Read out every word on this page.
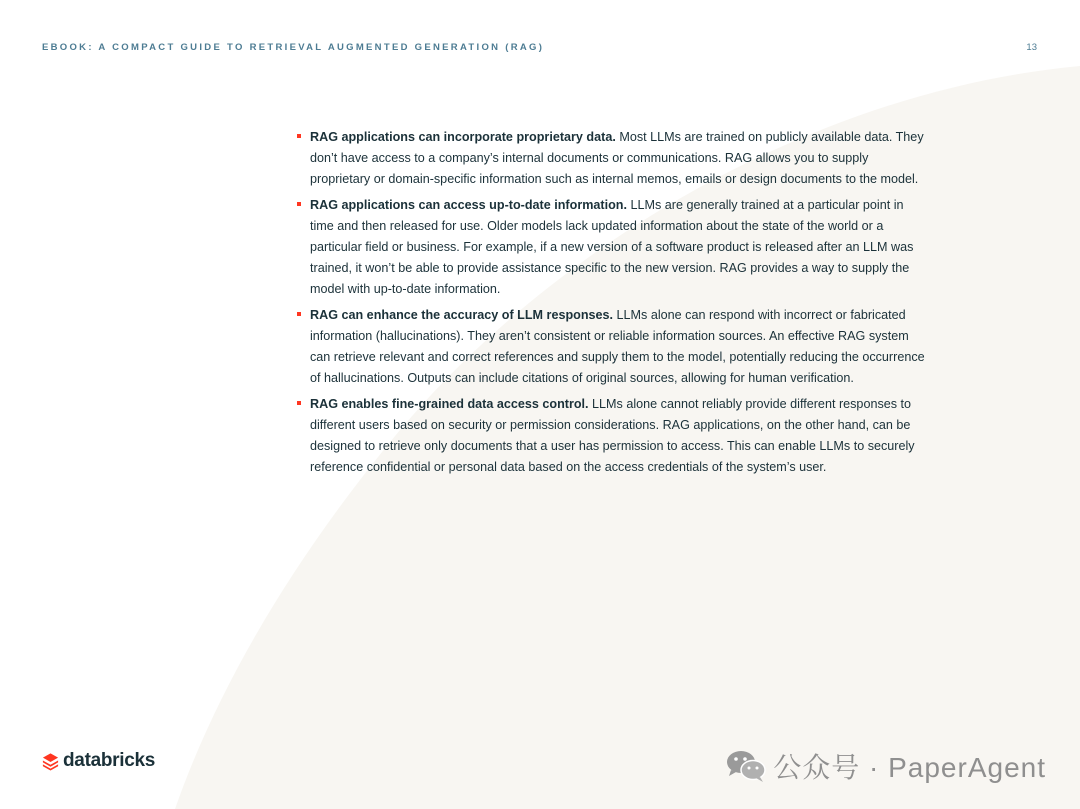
EBOOK: A COMPACT GUIDE TO RETRIEVAL AUGMENTED GENERATION (RAG)	13

RAG applications can incorporate proprietary data. Most LLMs are trained on publicly available data. They don’t have access to a company’s internal documents or communications. RAG allows you to supply proprietary or domain-specific information such as internal memos, emails or design documents to the model.

RAG applications can access up-to-date information. LLMs are generally trained at a particular point in time and then released for use. Older models lack updated information about the state of the world or a particular field or business. For example, if a new version of a software product is released after an LLM was trained, it won’t be able to provide assistance specific to the new version. RAG provides a way to supply the model with up-to-date information.

RAG can enhance the accuracy of LLM responses. LLMs alone can respond with incorrect or fabricated information (hallucinations). They aren’t consistent or reliable information sources. An effective RAG system can retrieve relevant and correct references and supply them to the model, potentially reducing the occurrence of hallucinations. Outputs can include citations of original sources, allowing for human verification.

RAG enables fine-grained data access control. LLMs alone cannot reliably provide different responses to different users based on security or permission considerations. RAG applications, on the other hand, can be designed to retrieve only documents that a user has permission to access. This can enable LLMs to securely reference confidential or personal data based on the access credentials of the system’s user.

databricks	公众号 · PaperAgent
